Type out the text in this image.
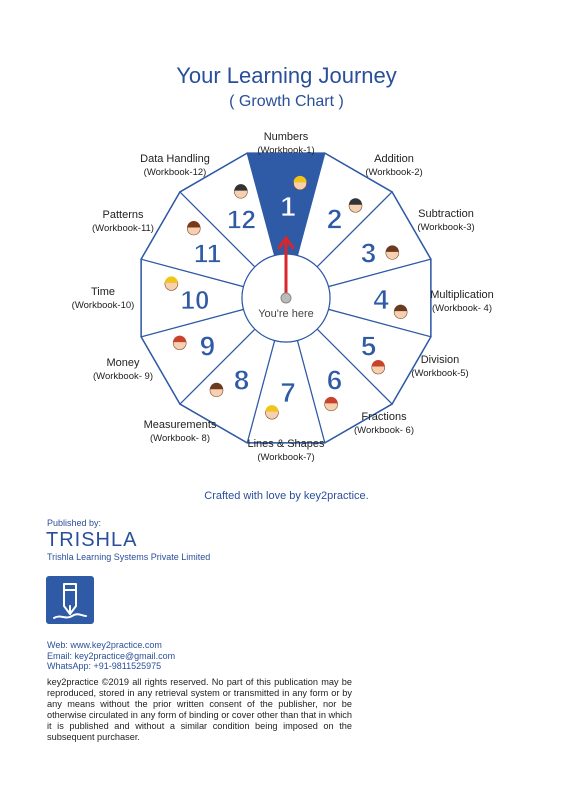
Your Learning Journey
( Growth Chart )
1 2
3
4
5
6
7
8
9
10
11
12
You're here
Numbers
(Workbook-1)
Addition
(Workbook-2)
Subtraction
(Workbook-3)
Multiplication
(Workbook- 4)
Division
(Workbook-5)
Fractions
(Workbook- 6)
Lines & Shapes
(Workbook-7)
Measurements
(Workbook- 8)
Money
(Workbook- 9)
Time
(Workbook-10)
Patterns
(Workbook-11)
Data Handling
(Workbook-12)
Crafted with love by key2practice.
Published by:
TRISHLA
Trishla Learning Systems Private Limited
Web: www.key2practice.com
Email: key2practice@gmail.com
WhatsApp: +91-9811525975
key2practice ©2019 all rights reserved. No part of this publication may be reproduced, stored in any retrieval system or transmitted in any form or by any means without the prior written consent of the publisher, nor be otherwise circulated in any form of binding or cover other than that in which it is published and without a similar condition being imposed on the subsequent purchaser.
